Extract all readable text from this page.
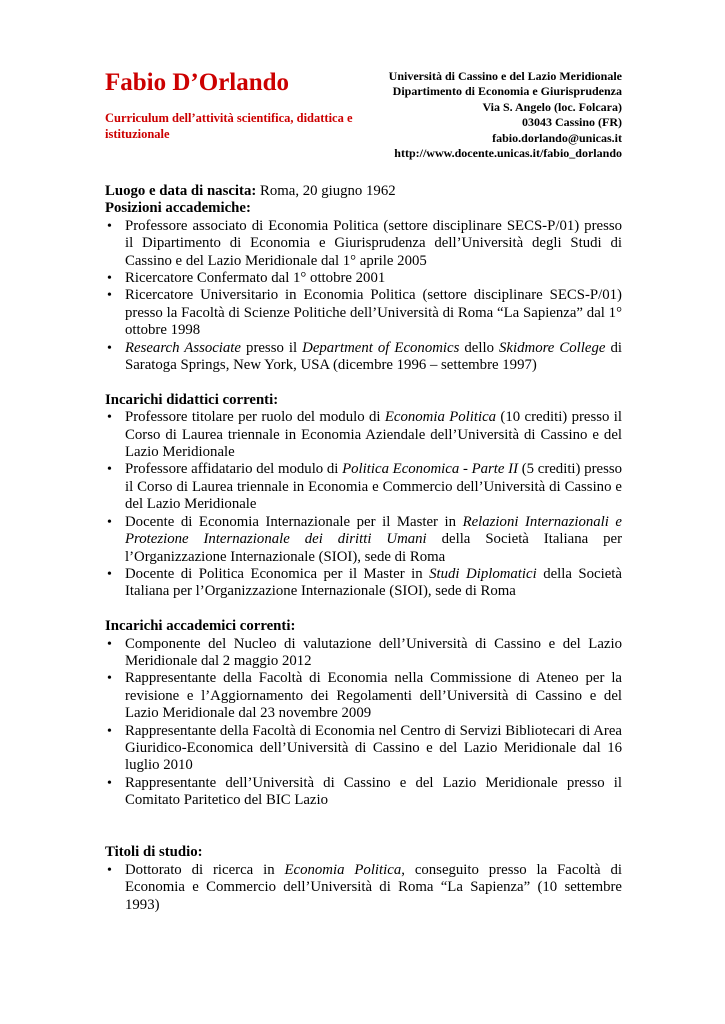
Fabio D’Orlando

Curriculum dell’attività scientifica, didattica e istituzionale

Università di Cassino e del Lazio Meridionale
Dipartimento di Economia e Giurisprudenza
Via S. Angelo (loc. Folcara)
03043 Cassino (FR)
fabio.dorlando@unicas.it
http://www.docente.unicas.it/fabio_dorlando

Luogo e data di nascita: Roma, 20 giugno 1962

Posizioni accademiche:

• Professore associato di Economia Politica (settore disciplinare SECS-P/01) presso il Dipartimento di Economia e Giurisprudenza dell’Università degli Studi di Cassino e del Lazio Meridionale dal 1° aprile 2005
• Ricercatore Confermato dal 1° ottobre 2001
• Ricercatore Universitario in Economia Politica (settore disciplinare SECS-P/01) presso la Facoltà di Scienze Politiche dell’Università di Roma “La Sapienza” dal 1° ottobre 1998
• Research Associate presso il Department of Economics dello Skidmore College di Saratoga Springs, New York, USA (dicembre 1996 – settembre 1997)

Incarichi didattici correnti:

• Professore titolare per ruolo del modulo di Economia Politica (10 crediti) presso il Corso di Laurea triennale in Economia Aziendale dell’Università di Cassino e del Lazio Meridionale
• Professore affidatario del modulo di Politica Economica - Parte II (5 crediti) presso il Corso di Laurea triennale in Economia e Commercio dell’Università di Cassino e del Lazio Meridionale
• Docente di Economia Internazionale per il Master in Relazioni Internazionali e Protezione Internazionale dei diritti Umani della Società Italiana per l’Organizzazione Internazionale (SIOI), sede di Roma
• Docente di Politica Economica per il Master in Studi Diplomatici della Società Italiana per l’Organizzazione Internazionale (SIOI), sede di Roma

Incarichi accademici correnti:

• Componente del Nucleo di valutazione dell’Università di Cassino e del Lazio Meridionale dal 2 maggio 2012
• Rappresentante della Facoltà di Economia nella Commissione di Ateneo per la revisione e l’Aggiornamento dei Regolamenti dell’Università di Cassino e del Lazio Meridionale dal 23 novembre 2009
• Rappresentante della Facoltà di Economia nel Centro di Servizi Bibliotecari di Area Giuridico-Economica dell’Università di Cassino e del Lazio Meridionale dal 16 luglio 2010
• Rappresentante dell’Università di Cassino e del Lazio Meridionale presso il Comitato Paritetico del BIC Lazio

Titoli di studio:

• Dottorato di ricerca in Economia Politica, conseguito presso la Facoltà di Economia e Commercio dell’Università di Roma “La Sapienza” (10 settembre 1993)
